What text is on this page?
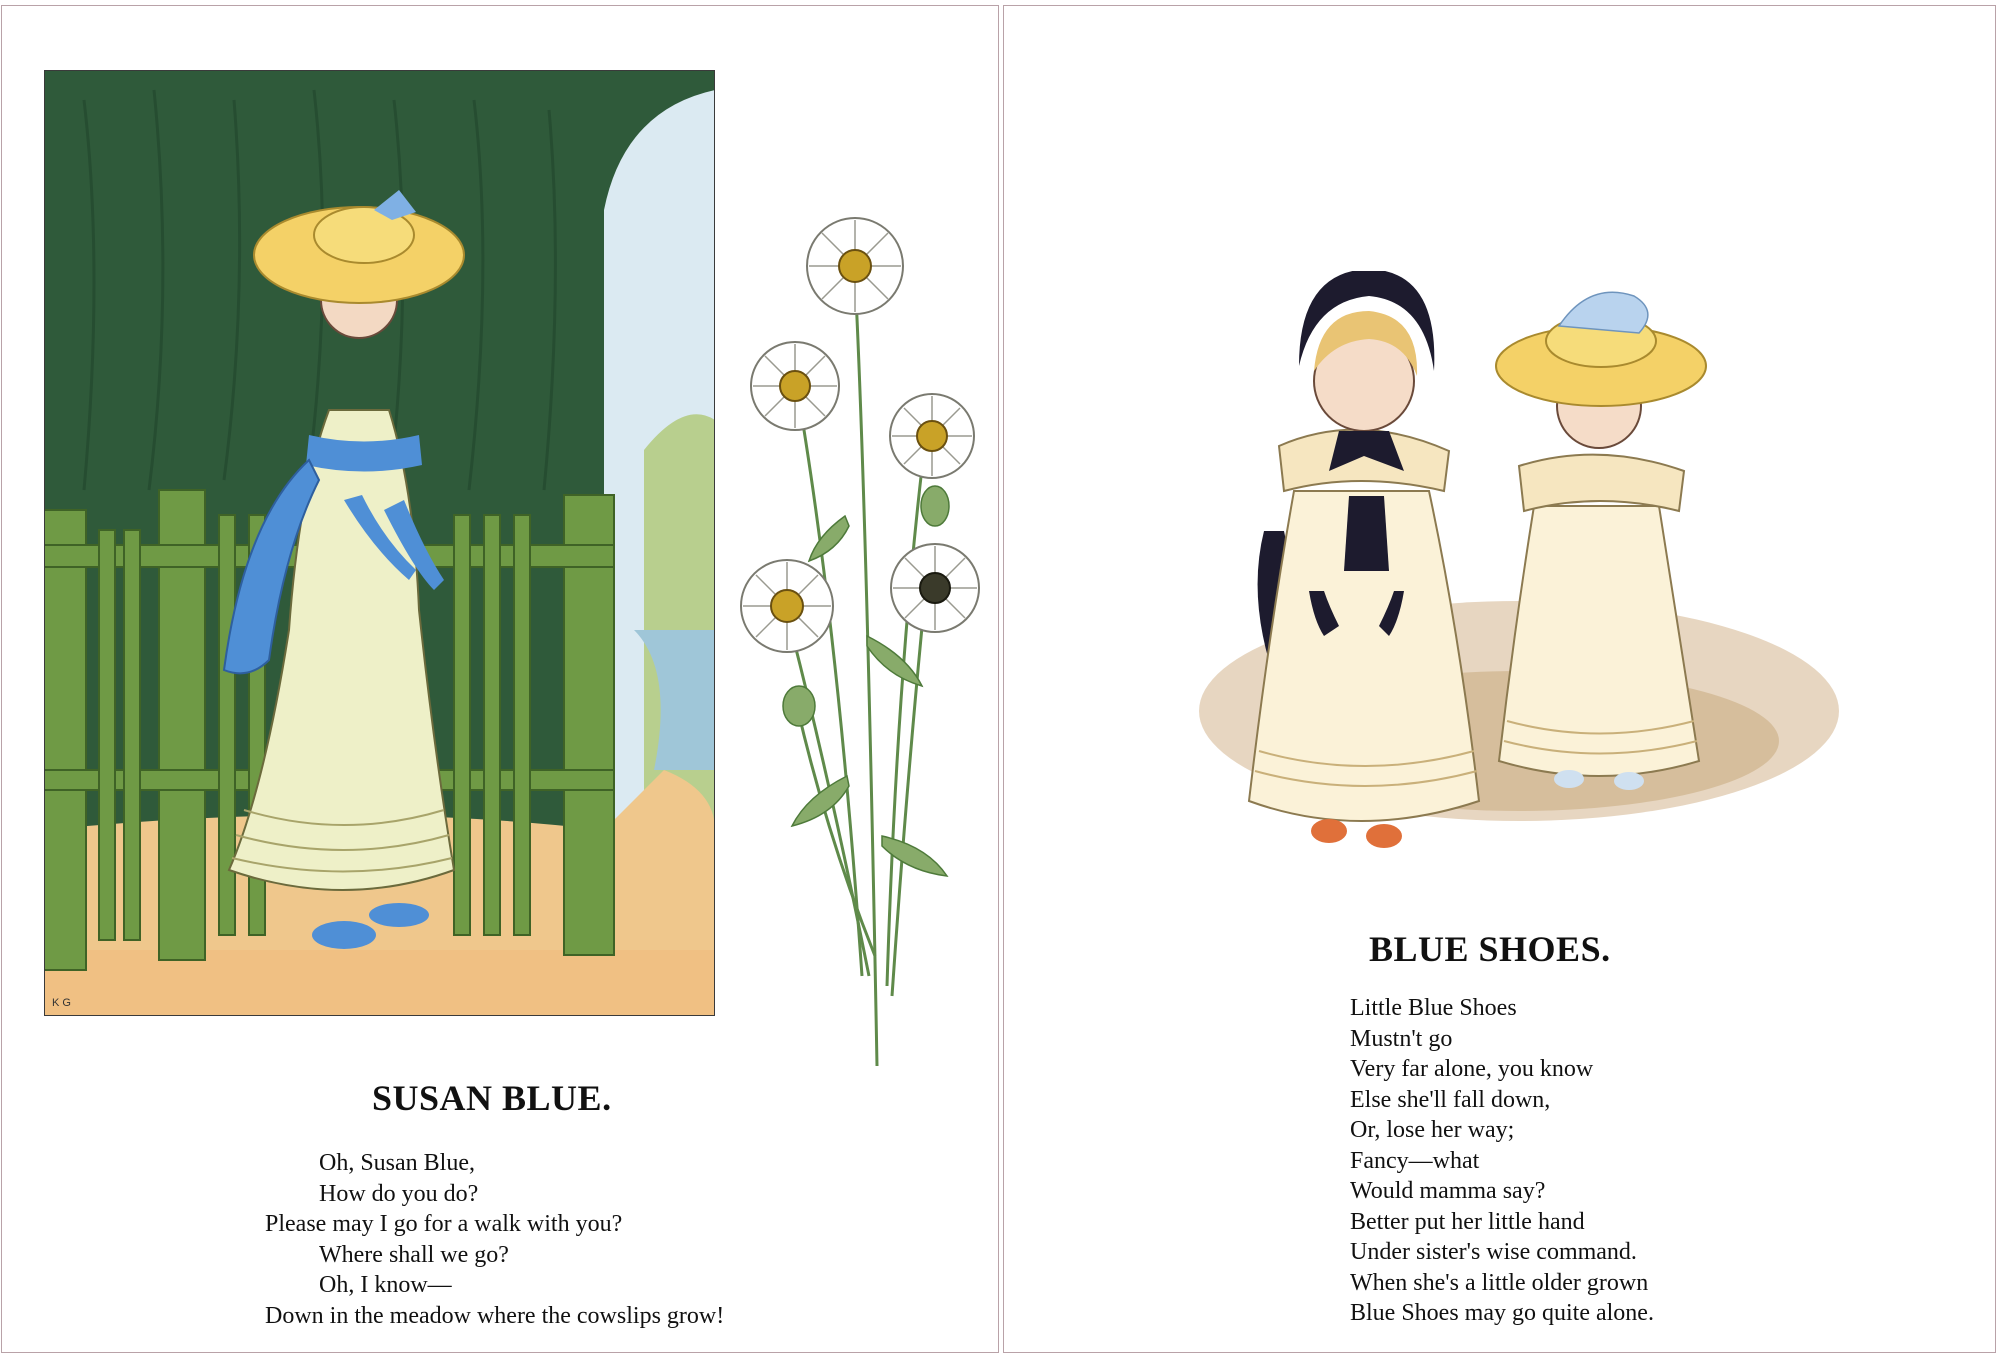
K G
SUSAN BLUE.
Oh, Susan Blue,
How do you do?
Please may I go for a walk with you?
Where shall we go?
Oh, I know—
Down in the meadow where the cowslips grow!
BLUE SHOES.
Little Blue Shoes
Mustn't go
Very far alone, you know
Else she'll fall down,
Or, lose her way;
Fancy—what
Would mamma say?
Better put her little hand
Under sister's wise command.
When she's a little older grown
Blue Shoes may go quite alone.
